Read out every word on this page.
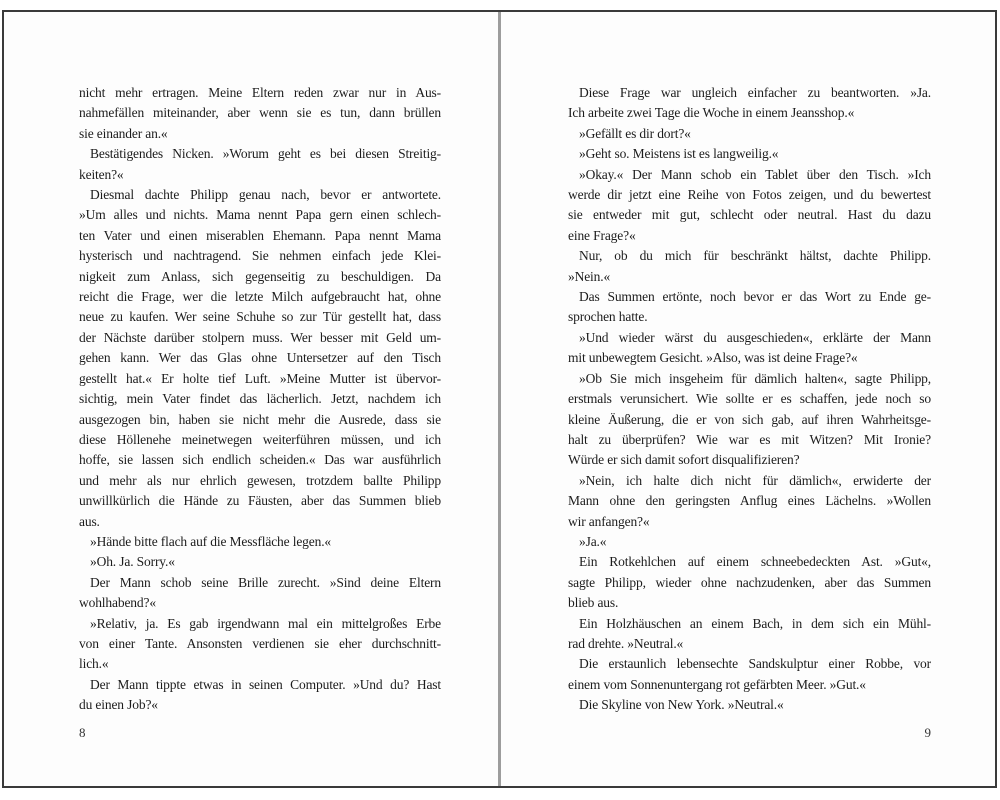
nicht mehr ertragen. Meine Eltern reden zwar nur in Aus-
nahmefällen miteinander, aber wenn sie es tun, dann brüllen
sie einander an.«
Bestätigendes Nicken. »Worum geht es bei diesen Streitig-
keiten?«
Diesmal dachte Philipp genau nach, bevor er antwortete.
»Um alles und nichts. Mama nennt Papa gern einen schlech-
ten Vater und einen miserablen Ehemann. Papa nennt Mama
hysterisch und nachtragend. Sie nehmen einfach jede Klei-
nigkeit zum Anlass, sich gegenseitig zu beschuldigen. Da
reicht die Frage, wer die letzte Milch aufgebraucht hat, ohne
neue zu kaufen. Wer seine Schuhe so zur Tür gestellt hat, dass
der Nächste darüber stolpern muss. Wer besser mit Geld um-
gehen kann. Wer das Glas ohne Untersetzer auf den Tisch
gestellt hat.« Er holte tief Luft. »Meine Mutter ist übervor-
sichtig, mein Vater findet das lächerlich. Jetzt, nachdem ich
ausgezogen bin, haben sie nicht mehr die Ausrede, dass sie
diese Höllenehe meinetwegen weiterführen müssen, und ich
hoffe, sie lassen sich endlich scheiden.« Das war ausführlich
und mehr als nur ehrlich gewesen, trotzdem ballte Philipp
unwillkürlich die Hände zu Fäusten, aber das Summen blieb
aus.
»Hände bitte flach auf die Messfläche legen.«
»Oh. Ja. Sorry.«
Der Mann schob seine Brille zurecht. »Sind deine Eltern
wohlhabend?«
»Relativ, ja. Es gab irgendwann mal ein mittelgroßes Erbe
von einer Tante. Ansonsten verdienen sie eher durchschnitt-
lich.«
Der Mann tippte etwas in seinen Computer. »Und du? Hast
du einen Job?«
8
Diese Frage war ungleich einfacher zu beantworten. »Ja.
Ich arbeite zwei Tage die Woche in einem Jeansshop.«
»Gefällt es dir dort?«
»Geht so. Meistens ist es langweilig.«
»Okay.« Der Mann schob ein Tablet über den Tisch. »Ich
werde dir jetzt eine Reihe von Fotos zeigen, und du bewertest
sie entweder mit gut, schlecht oder neutral. Hast du dazu
eine Frage?«
Nur, ob du mich für beschränkt hältst, dachte Philipp.
»Nein.«
Das Summen ertönte, noch bevor er das Wort zu Ende ge-
sprochen hatte.
»Und wieder wärst du ausgeschieden«, erklärte der Mann
mit unbewegtem Gesicht. »Also, was ist deine Frage?«
»Ob Sie mich insgeheim für dämlich halten«, sagte Philipp,
erstmals verunsichert. Wie sollte er es schaffen, jede noch so
kleine Äußerung, die er von sich gab, auf ihren Wahrheitsge-
halt zu überprüfen? Wie war es mit Witzen? Mit Ironie?
Würde er sich damit sofort disqualifizieren?
»Nein, ich halte dich nicht für dämlich«, erwiderte der
Mann ohne den geringsten Anflug eines Lächelns. »Wollen
wir anfangen?«
»Ja.«
Ein Rotkehlchen auf einem schneebedeckten Ast. »Gut«,
sagte Philipp, wieder ohne nachzudenken, aber das Summen
blieb aus.
Ein Holzhäuschen an einem Bach, in dem sich ein Mühl-
rad drehte. »Neutral.«
Die erstaunlich lebensechte Sandskulptur einer Robbe, vor
einem vom Sonnenuntergang rot gefärbten Meer. »Gut.«
Die Skyline von New York. »Neutral.«
9
